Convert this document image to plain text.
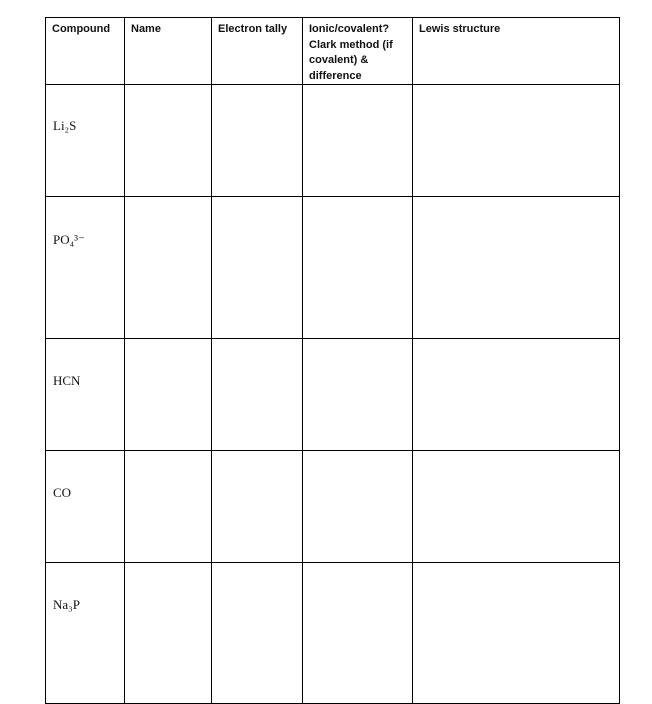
Compound	Name	Electron tally	Ionic/covalent? Clark method (if covalent) & difference	Lewis structure

Li₂S				

PO₄³⁻				

HCN				

CO				

Na₃P				
